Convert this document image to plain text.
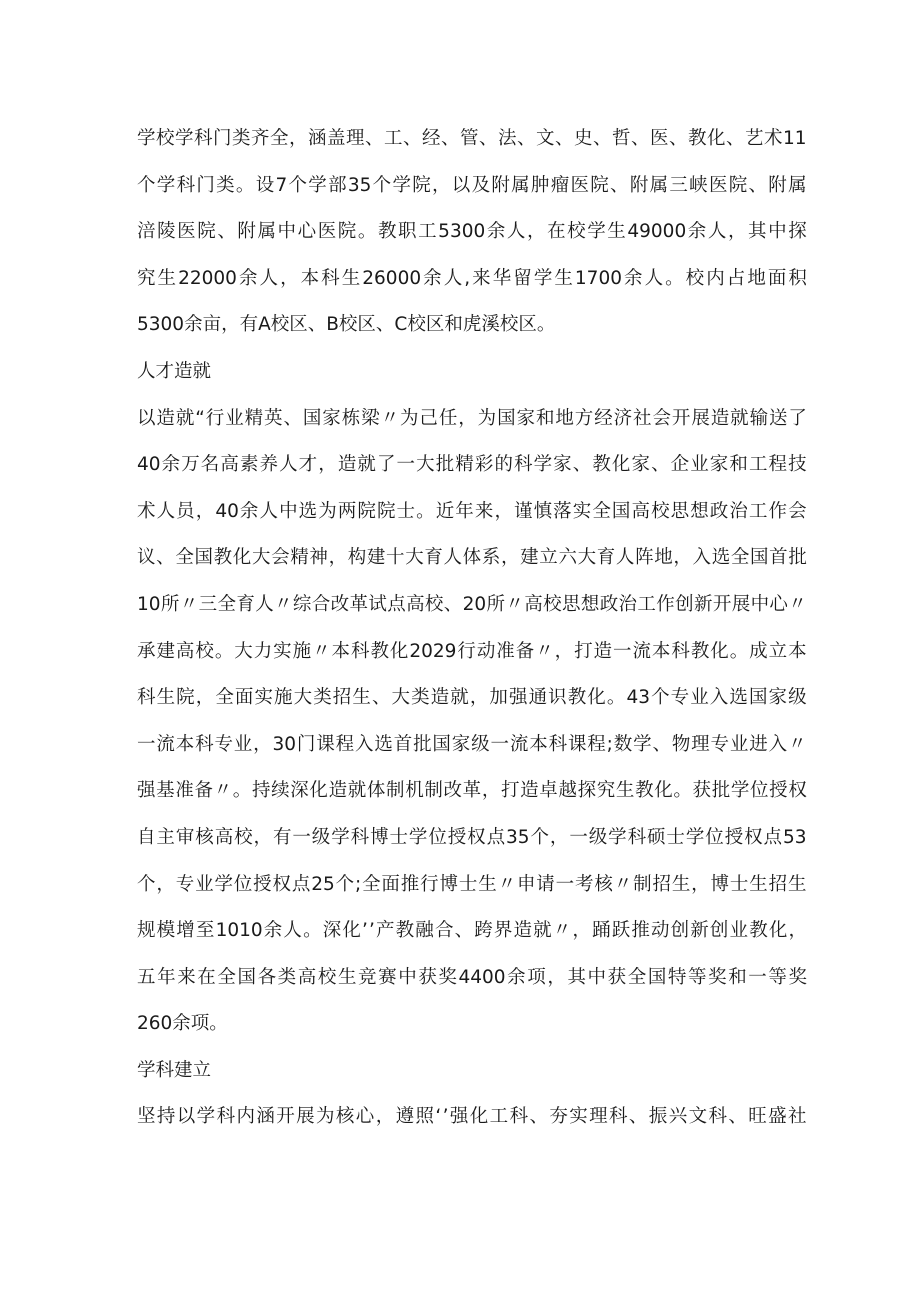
学 校 学 科 门 类 齐 全 ， 涵 盖 理 、 工 、 经 、 管 、 法 、 文 、 史 、 哲 、 医 、 教 化 、 艺 术 11
个 学 科 门 类 。 设 7 个 学 部 35 个 学 院 ， 以 及 附 属 肿 瘤 医 院 、 附 属 三 峡 医 院 、 附 属
涪 陵 医 院 、 附 属 中 心 医 院 。 教 职 工 5300 余 人 ， 在 校 学 生 49000 余 人 ， 其 中 探
究 生 22000 余 人 ， 本 科 生 26000 余 人 , 来 华 留 学 生 1700 余 人 。 校 内 占 地 面 积
5300余亩，有A校区、B校区、C校区和虎溪校区。
人才造就
以 造 就 “ 行 业 精 英 、 国 家 栋 梁 〃 为 己 任 ， 为 国 家 和 地 方 经 济 社 会 开 展 造 就 输 送 了
40 余 万 名 高 素 养 人 才 ， 造 就 了 一 大 批 精 彩 的 科 学 家 、 教 化 家 、 企 业 家 和 工 程 技
术 人 员 ， 40 余 人 中 选 为 两 院 院 士 。 近 年 来 ， 谨 慎 落 实 全 国 高 校 思 想 政 治 工 作 会
议 、 全 国 教 化 大 会 精 神 ， 构 建 十 大 育 人 体 系 ， 建 立 六 大 育 人 阵 地 ， 入 选 全 国 首 批
10 所 〃 三 全 育 人 〃 综 合 改 革 试 点 高 校 、 20 所 〃 高 校 思 想 政 治 工 作 创 新 开 展 中 心 〃
承 建 高 校 。 大 力 实 施 〃 本 科 教 化 2029 行 动 准 备 〃 ， 打 造 一 流 本 科 教 化 。 成 立 本
科 生 院 ， 全 面 实 施 大 类 招 生 、 大 类 造 就 ， 加 强 通 识 教 化 。 43 个 专 业 入 选 国 家 级
一 流 本 科 专 业 ， 30 门 课 程 入 选 首 批 国 家 级 一 流 本 科 课 程 ; 数 学 、 物 理 专 业 进 入 〃
强 基 准 备 〃 。 持 续 深 化 造 就 体 制 机 制 改 革 ， 打 造 卓 越 探 究 生 教 化 。 获 批 学 位 授 权
自 主 审 核 高 校 ， 有 一 级 学 科 博 士 学 位 授 权 点 35 个 ， 一 级 学 科 硕 士 学 位 授 权 点 53
个 ， 专 业 学 位 授 权 点 25 个 ; 全 面 推 行 博 士 生 〃 申 请 一 考 核 〃 制 招 生 ， 博 士 生 招 生
规 模 增 至 1010 余 人 。 深 化 ’ ’ 产 教 融 合 、 跨 界 造 就 〃 ， 踊 跃 推 动 创 新 创 业 教 化 ，
五 年 来 在 全 国 各 类 高 校 生 竞 赛 中 获 奖 4400 余 项 ， 其 中 获 全 国 特 等 奖 和 一 等 奖
260余项。
学科建立
坚 持 以 学 科 内 涵 开 展 为 核 心 ， 遵 照 ‘ ’ 强 化 工 科 、 夯 实 理 科 、 振 兴 文 科 、 旺 盛 社
